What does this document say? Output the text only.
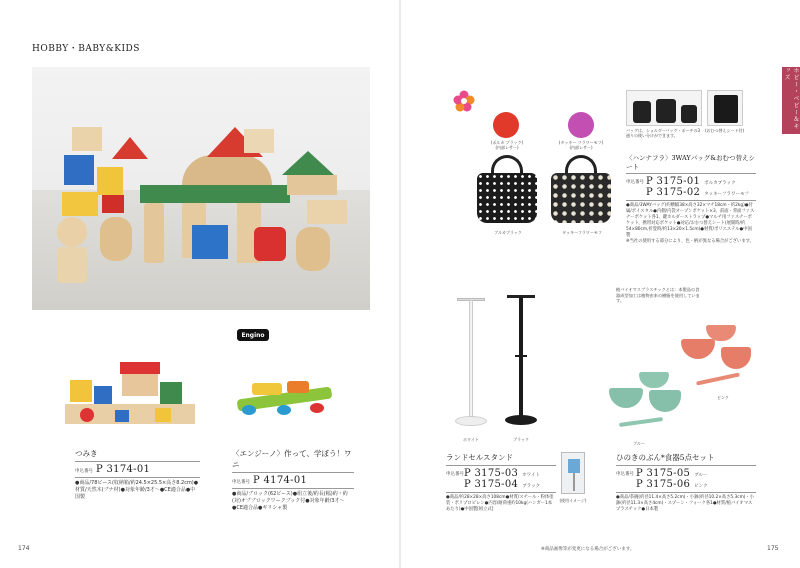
HOBBY・BABY&KIDS
Engino
つみき
申込番号 P 3174-01
●商品/78ピース(収納箱/約24.5×25.5×高さ8.2cm)●材質/天然木(ブナ材)●対象年齢/3才～●CE適合品●中国製
〈エンジーノ〉作って、学ぼう！ワニ
申込番号 P 4174-01
●商品/ブロック(62ピース)●組立後/約長(幅)約・約(対)オプブロックワークブック付●対象年齢/3才～●CE適合品●ギリシャ製
174
ホビー・ベビー＆キッズ
(ポルカ ブラック)
(内部レサー)
(タッキー フラワーモフ)
(内部レサー)
ブルカブラック	タッキーフラワーモフ
バッグは、ショルダーバッグ・ポーチの3通りの使い分けができます。
(おむつ替えシート付)
〈ハンナフラ〉3WAYバッグ&おむつ替えシート
申込番号 P 3175-01 ポルカブラック
P 3175-02 タッキーフラワーモフ
●商品/3WAYバッグ(約横幅38×高さ32×マチ18cm・約2kg)●付属/ポイスタル●内側/内袋オープンポケット×3、前面・背面ファスナーポケット各1、鍵ホルダーストラップ●マルチ用ファスナーポケット、携帯対応ポケット●対応/おむつ替えシート(展開時/約54×80cm,折畳時/約13×20×1.5cm)●材質/ポリエステル●中国製
※当社の使用する部分により、色・柄が異なる場合がございます。
植バイオマスプラスチックとは：本製品の食器成型加工は植物由来の樹脂を使用しています。
ホワイト	ブラック
(使用イメージ)
ランドセルスタンド
申込番号 P 3175-03 ホワイト
P 3175-04 ブラック
●商品/約28×28×高さ108cm●材質/スチール・粉体塗装・ポリプロピレン●内容/耐荷重約10kg(ハンガー1本あたり)●中国製[組立式]
ピンク
ブルー
ひのきのぶん*食器5点セット
申込番号 P 3175-05 ブルー
P 3175-06 ピンク
●商品/茶碗(約径11.4×高さ5.2cm)・小鉢(約径10.2×高さ5.3cm)・小鉢(約径11.3×高さ4cm)・スプーン・フォーク各1●材質/植バイオマスプラスチック●日本製
※商品画像等が変更になる場合がございます。	175
